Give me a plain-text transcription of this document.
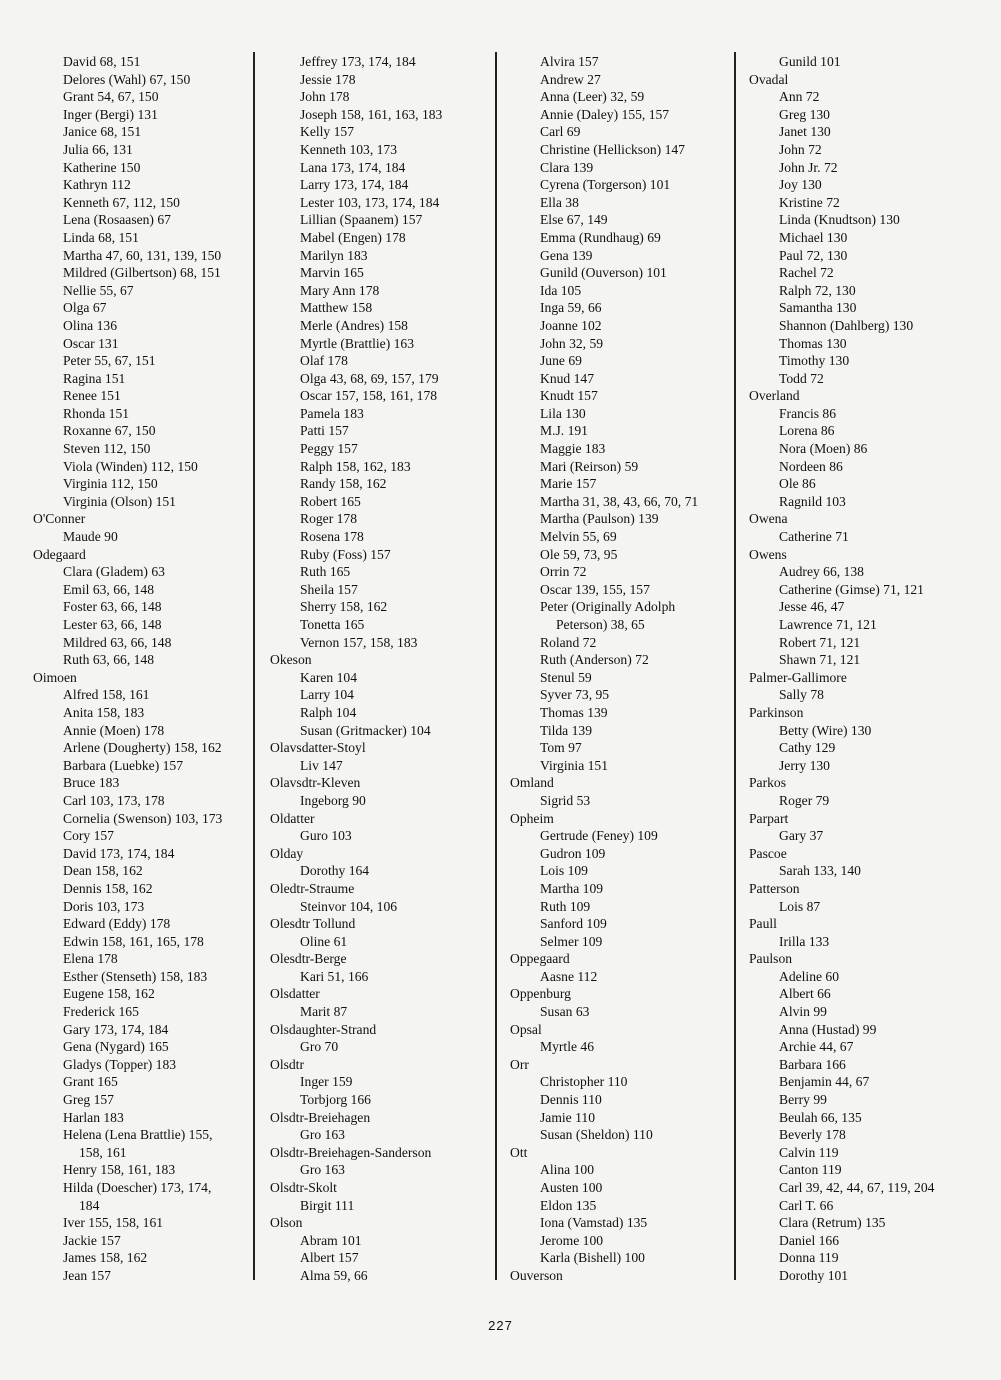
David 68, 151
Delores (Wahl) 67, 150
Grant 54, 67, 150
Inger (Bergi) 131
Janice 68, 151
Julia 66, 131
Katherine 150
Kathryn 112
Kenneth 67, 112, 150
Lena (Rosaasen) 67
Linda 68, 151
Martha 47, 60, 131, 139, 150
Mildred (Gilbertson) 68, 151
Nellie 55, 67
Olga 67
Olina 136
Oscar 131
Peter 55, 67, 151
Ragina 151
Renee 151
Rhonda 151
Roxanne 67, 150
Steven 112, 150
Viola (Winden) 112, 150
Virginia 112, 150
Virginia (Olson) 151
O'Conner
Maude 90
Odegaard
Clara (Gladem) 63
Emil 63, 66, 148
Foster 63, 66, 148
Lester 63, 66, 148
Mildred 63, 66, 148
Ruth 63, 66, 148
Oimoen
Alfred 158, 161
Anita 158, 183
Annie (Moen) 178
Arlene (Dougherty) 158, 162
Barbara (Luebke) 157
Bruce 183
Carl 103, 173, 178
Cornelia (Swenson) 103, 173
Cory 157
David 173, 174, 184
Dean 158, 162
Dennis 158, 162
Doris 103, 173
Edward (Eddy) 178
Edwin 158, 161, 165, 178
Elena 178
Esther (Stenseth) 158, 183
Eugene 158, 162
Frederick 165
Gary 173, 174, 184
Gena (Nygard) 165
Gladys (Topper) 183
Grant 165
Greg 157
Harlan 183
Helena (Lena Brattlie) 155,
158, 161
Henry 158, 161, 183
Hilda (Doescher) 173, 174,
184
Iver 155, 158, 161
Jackie 157
James 158, 162
Jean 157
Jeffrey 173, 174, 184
Jessie 178
John 178
Joseph 158, 161, 163, 183
Kelly 157
Kenneth 103, 173
Lana 173, 174, 184
Larry 173, 174, 184
Lester 103, 173, 174, 184
Lillian (Spaanem) 157
Mabel (Engen) 178
Marilyn 183
Marvin 165
Mary Ann 178
Matthew 158
Merle (Andres) 158
Myrtle (Brattlie) 163
Olaf 178
Olga 43, 68, 69, 157, 179
Oscar 157, 158, 161, 178
Pamela 183
Patti 157
Peggy 157
Ralph 158, 162, 183
Randy 158, 162
Robert 165
Roger 178
Rosena 178
Ruby (Foss) 157
Ruth 165
Sheila 157
Sherry 158, 162
Tonetta 165
Vernon 157, 158, 183
Okeson
Karen 104
Larry 104
Ralph 104
Susan (Gritmacker) 104
Olavsdatter-Stoyl
Liv 147
Olavsdtr-Kleven
Ingeborg 90
Oldatter
Guro 103
Olday
Dorothy 164
Oledtr-Straume
Steinvor 104, 106
Olesdtr Tollund
Oline 61
Olesdtr-Berge
Kari 51, 166
Olsdatter
Marit 87
Olsdaughter-Strand
Gro 70
Olsdtr
Inger 159
Torbjorg 166
Olsdtr-Breiehagen
Gro 163
Olsdtr-Breiehagen-Sanderson
Gro 163
Olsdtr-Skolt
Birgit 111
Olson
Abram 101
Albert 157
Alma 59, 66
Alvira 157
Andrew 27
Anna (Leer) 32, 59
Annie (Daley) 155, 157
Carl 69
Christine (Hellickson) 147
Clara 139
Cyrena (Torgerson) 101
Ella 38
Else 67, 149
Emma (Rundhaug) 69
Gena 139
Gunild (Ouverson) 101
Ida 105
Inga 59, 66
Joanne 102
John 32, 59
June 69
Knud 147
Knudt 157
Lila 130
M.J. 191
Maggie 183
Mari (Reirson) 59
Marie 157
Martha 31, 38, 43, 66, 70, 71
Martha (Paulson) 139
Melvin 55, 69
Ole 59, 73, 95
Orrin 72
Oscar 139, 155, 157
Peter (Originally Adolph
Peterson) 38, 65
Roland 72
Ruth (Anderson) 72
Stenul 59
Syver 73, 95
Thomas 139
Tilda 139
Tom 97
Virginia 151
Omland
Sigrid 53
Opheim
Gertrude (Feney) 109
Gudron 109
Lois 109
Martha 109
Ruth 109
Sanford 109
Selmer 109
Oppegaard
Aasne 112
Oppenburg
Susan 63
Opsal
Myrtle 46
Orr
Christopher 110
Dennis 110
Jamie 110
Susan (Sheldon) 110
Ott
Alina 100
Austen 100
Eldon 135
Iona (Vamstad) 135
Jerome 100
Karla (Bishell) 100
Ouverson
Gunild 101
Ovadal
Ann 72
Greg 130
Janet 130
John 72
John Jr. 72
Joy 130
Kristine 72
Linda (Knudtson) 130
Michael 130
Paul 72, 130
Rachel 72
Ralph 72, 130
Samantha 130
Shannon (Dahlberg) 130
Thomas 130
Timothy 130
Todd 72
Overland
Francis 86
Lorena 86
Nora (Moen) 86
Nordeen 86
Ole 86
Ragnild 103
Owena
Catherine 71
Owens
Audrey 66, 138
Catherine (Gimse) 71, 121
Jesse 46, 47
Lawrence 71, 121
Robert 71, 121
Shawn 71, 121
Palmer-Gallimore
Sally 78
Parkinson
Betty (Wire) 130
Cathy 129
Jerry 130
Parkos
Roger 79
Parpart
Gary 37
Pascoe
Sarah 133, 140
Patterson
Lois 87
Paull
Irilla 133
Paulson
Adeline 60
Albert 66
Alvin 99
Anna (Hustad) 99
Archie 44, 67
Barbara 166
Benjamin 44, 67
Berry 99
Beulah 66, 135
Beverly 178
Calvin 119
Canton 119
Carl 39, 42, 44, 67, 119, 204
Carl T. 66
Clara (Retrum) 135
Daniel 166
Donna 119
Dorothy 101
227
